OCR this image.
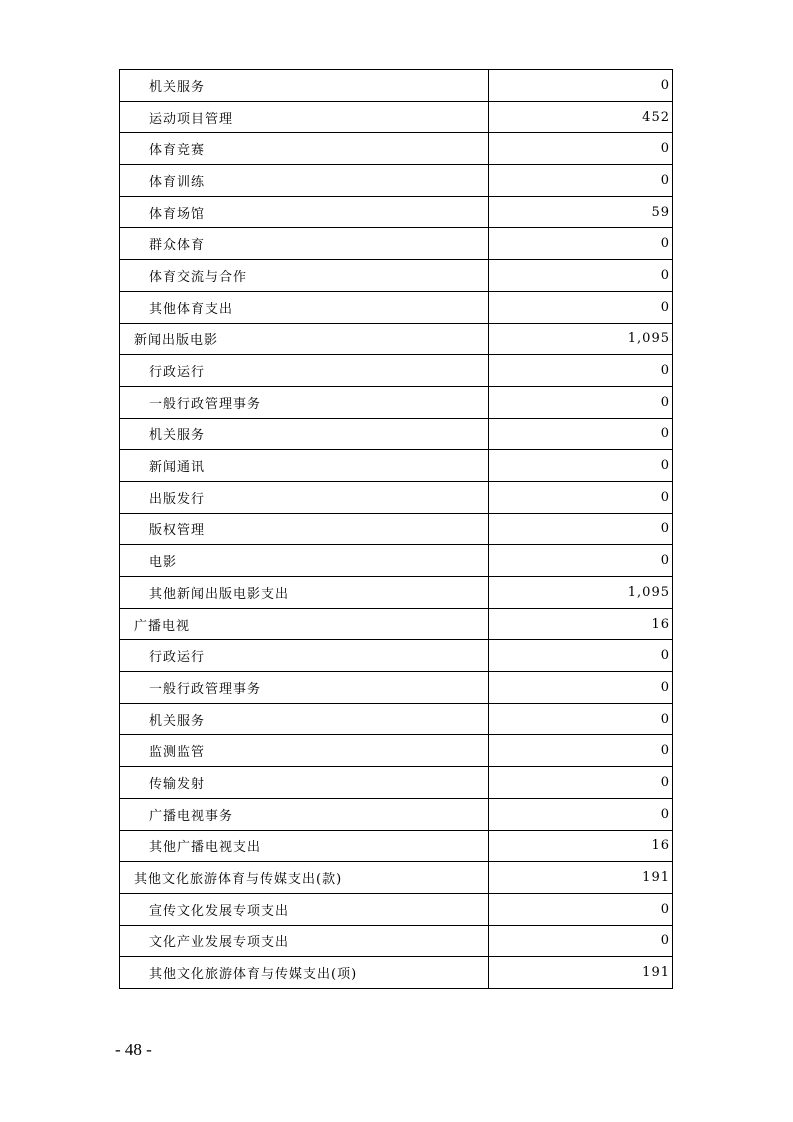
机关服务	0
运动项目管理	452
体育竞赛	0
体育训练	0
体育场馆	59
群众体育	0
体育交流与合作	0
其他体育支出	0
新闻出版电影	1,095
行政运行	0
一般行政管理事务	0
机关服务	0
新闻通讯	0
出版发行	0
版权管理	0
电影	0
其他新闻出版电影支出	1,095
广播电视	16
行政运行	0
一般行政管理事务	0
机关服务	0
监测监管	0
传输发射	0
广播电视事务	0
其他广播电视支出	16
其他文化旅游体育与传媒支出(款)	191
宣传文化发展专项支出	0
文化产业发展专项支出	0
其他文化旅游体育与传媒支出(项)	191
- 48 -
